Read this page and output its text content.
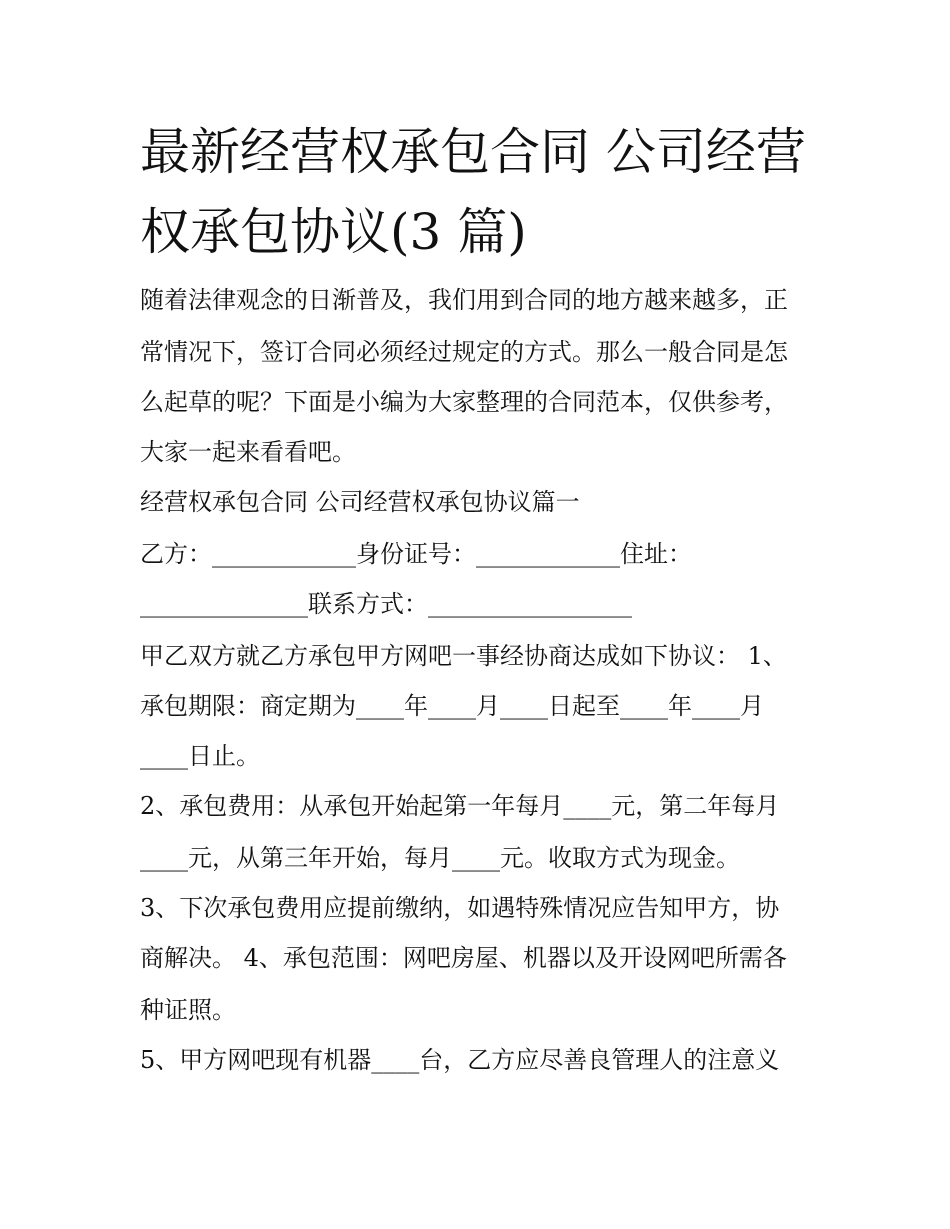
最新经营权承包合同 公司经营
权承包协议(3 篇)

随着法律观念的日渐普及，我们用到合同的地方越来越多，正

常情况下，签订合同必须经过规定的方式。那么一般合同是怎

么起草的呢？下面是小编为大家整理的合同范本，仅供参考，

大家一起来看看吧。

经营权承包合同 公司经营权承包协议篇一

乙方：____________身份证号：____________住址：

______________联系方式：_________________

甲乙双方就乙方承包甲方网吧一事经协商达成如下协议： 1、

承包期限：商定期为____年____月____日起至____年____月

____日止。

2、承包费用：从承包开始起第一年每月____元，第二年每月

____元，从第三年开始，每月____元。收取方式为现金。

3、下次承包费用应提前缴纳，如遇特殊情况应告知甲方，协

商解决。 4、承包范围：网吧房屋、机器以及开设网吧所需各

种证照。

5、甲方网吧现有机器____台，乙方应尽善良管理人的注意义
